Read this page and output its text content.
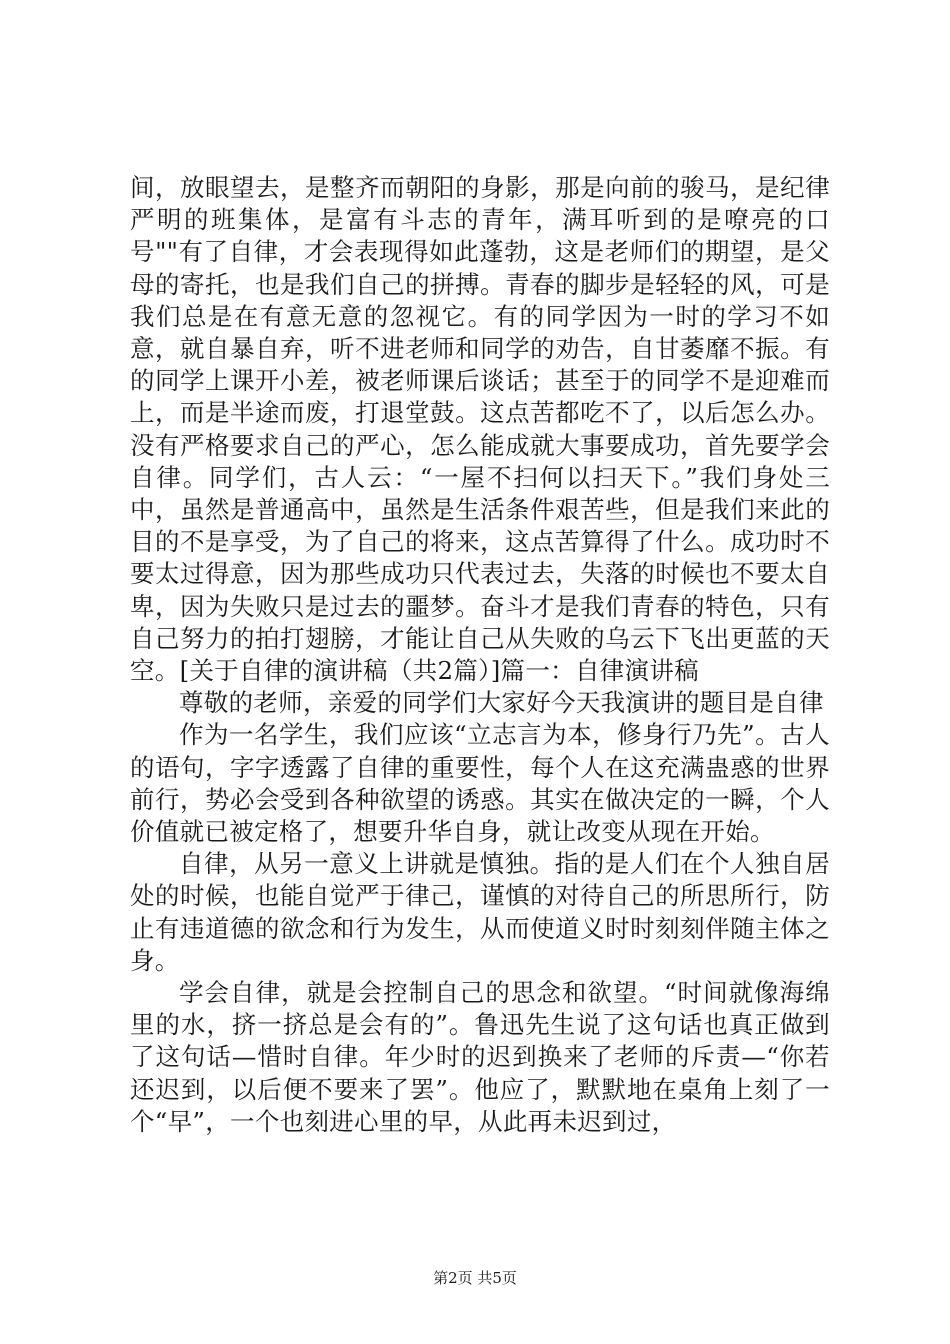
间，放眼望去，是整齐而朝阳的身影，那是向前的骏马，是纪律严明的班集体，是富有斗志的青年，满耳听到的是嘹亮的口号""有了自律，才会表现得如此蓬勃，这是老师们的期望，是父母的寄托，也是我们自己的拼搏。青春的脚步是轻轻的风，可是我们总是在有意无意的忽视它。有的同学因为一时的学习不如意，就自暴自弃，听不进老师和同学的劝告，自甘萎靡不振。有的同学上课开小差，被老师课后谈话；甚至于的同学不是迎难而上，而是半途而废，打退堂鼓。这点苦都吃不了，以后怎么办。没有严格要求自己的严心，怎么能成就大事要成功，首先要学会自律。同学们，古人云：“一屋不扫何以扫天下。”我们身处三中，虽然是普通高中，虽然是生活条件艰苦些，但是我们来此的目的不是享受，为了自己的将来，这点苦算得了什么。成功时不要太过得意，因为那些成功只代表过去，失落的时候也不要太自卑，因为失败只是过去的噩梦。奋斗才是我们青春的特色，只有自己努力的拍打翅膀，才能让自己从失败的乌云下飞出更蓝的天空。[关于自律的演讲稿（共2篇）]篇一：自律演讲稿

尊敬的老师，亲爱的同学们大家好今天我演讲的题目是自律

作为一名学生，我们应该“立志言为本，修身行乃先”。古人的语句，字字透露了自律的重要性，每个人在这充满蛊惑的世界前行，势必会受到各种欲望的诱惑。其实在做决定的一瞬，个人价值就已被定格了，想要升华自身，就让改变从现在开始。

自律，从另一意义上讲就是慎独。指的是人们在个人独自居处的时候，也能自觉严于律己，谨慎的对待自己的所思所行，防止有违道德的欲念和行为发生，从而使道义时时刻刻伴随主体之身。

学会自律，就是会控制自己的思念和欲望。“时间就像海绵里的水，挤一挤总是会有的”。鲁迅先生说了这句话也真正做到了这句话—惜时自律。年少时的迟到换来了老师的斥责—“你若还迟到，以后便不要来了罢”。他应了，默默地在桌角上刻了一个“早”，一个也刻进心里的早，从此再未迟到过，

第2页 共5页
